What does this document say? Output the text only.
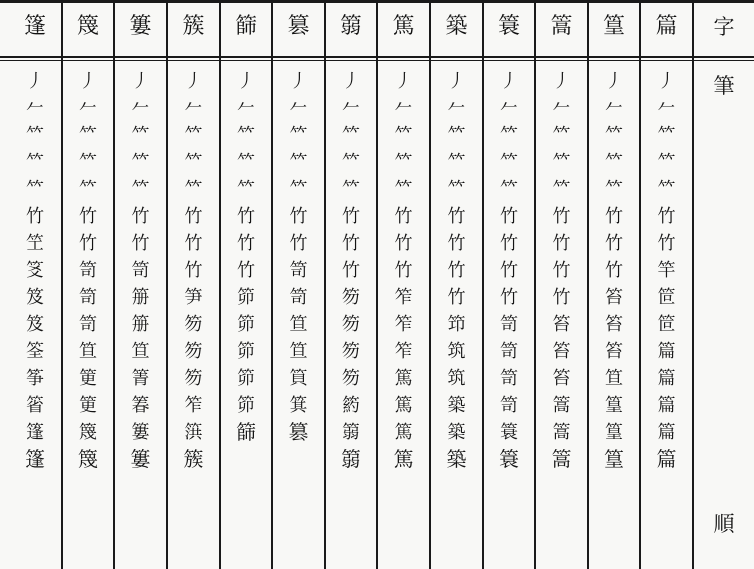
篷
丿
𠂉
𥫗
𥫗
𥫗
竹
笁
笅
笈
笈
筌
筝
箵
篷
篷
篾
丿
𠂉
𥫗
𥫗
𥫗
竹
竹
笥
笥
笥
笪
筻
筻
篾
篾
簍
丿
𠂉
𥫗
𥫗
𥫗
竹
竹
笥
笧
笧
笪
箐
箺
簍
簍
簇
丿
𠂉
𥫗
𥫗
𥫗
竹
竹
竹
笋
笏
笏
笏
笮
篊
簇
篩
丿
𠂉
𥫗
𥫗
𥫗
竹
竹
竹
笷
笷
笷
笷
笷
篩
篡
丿
𠂉
𥫗
𥫗
𥫗
竹
竹
笥
笥
笪
笪
筫
箕
篡
篛
丿
𠂉
𥫗
𥫗
𥫗
竹
竹
竹
笏
笏
笏
笏
箹
篛
篛
篤
丿
𠂉
𥫗
𥫗
𥫗
竹
竹
竹
笮
笮
笮
篤
篤
篤
篤
築
丿
𠂉
𥫗
𥫗
𥫗
竹
竹
竹
竹
笻
筑
筑
築
築
築
簑
丿
𠂉
𥫗
𥫗
𥫗
竹
竹
竹
竹
笥
笥
笥
笥
簑
簑
篙
丿
𠂉
𥫗
𥫗
𥫗
竹
竹
竹
竹
笞
笞
笞
篙
篙
篙
篁
丿
𠂉
𥫗
𥫗
𥫗
竹
竹
竹
笞
笞
笞
笪
篁
篁
篁
篇
丿
𠂉
𥫗
𥫗
𥫗
竹
竹
竿
笸
笸
篇
篇
篇
篇
篇
字
筆
順
